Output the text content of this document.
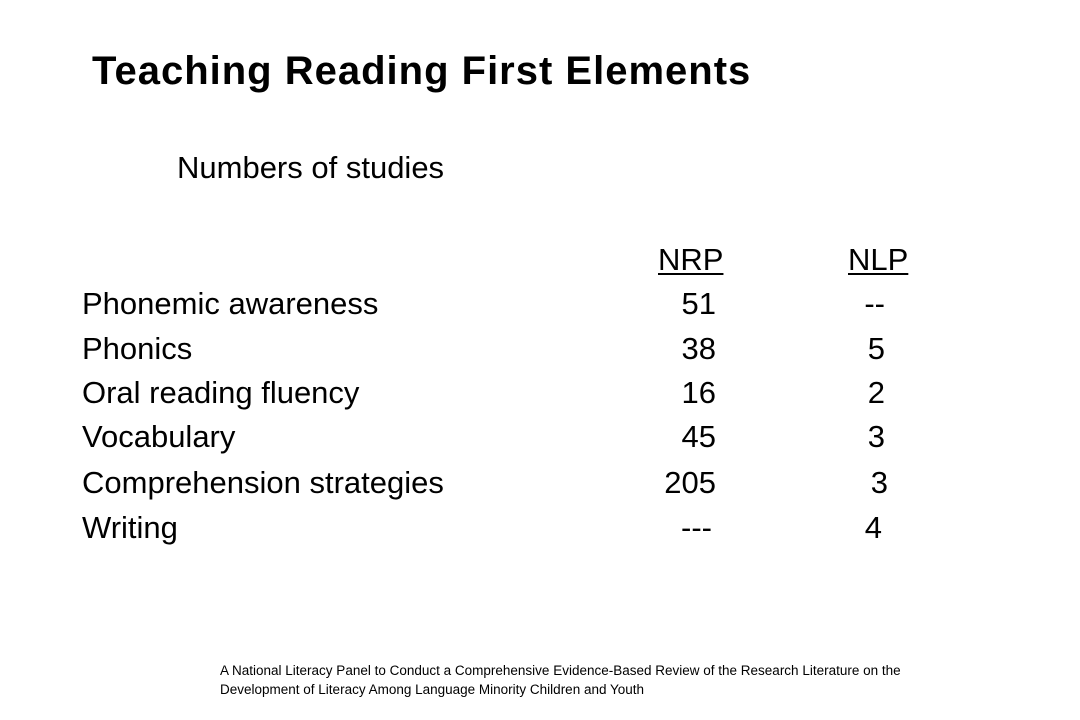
Teaching Reading First Elements
Numbers of studies
NRP	NLP
Phonemic awareness	51	--
Phonics	38	5
Oral reading fluency	16	2
Vocabulary	45	3
Comprehension strategies	205	3
Writing	---	4
A National Literacy Panel to Conduct a Comprehensive Evidence-Based Review of the Research Literature on the Development of Literacy Among Language Minority Children and Youth
